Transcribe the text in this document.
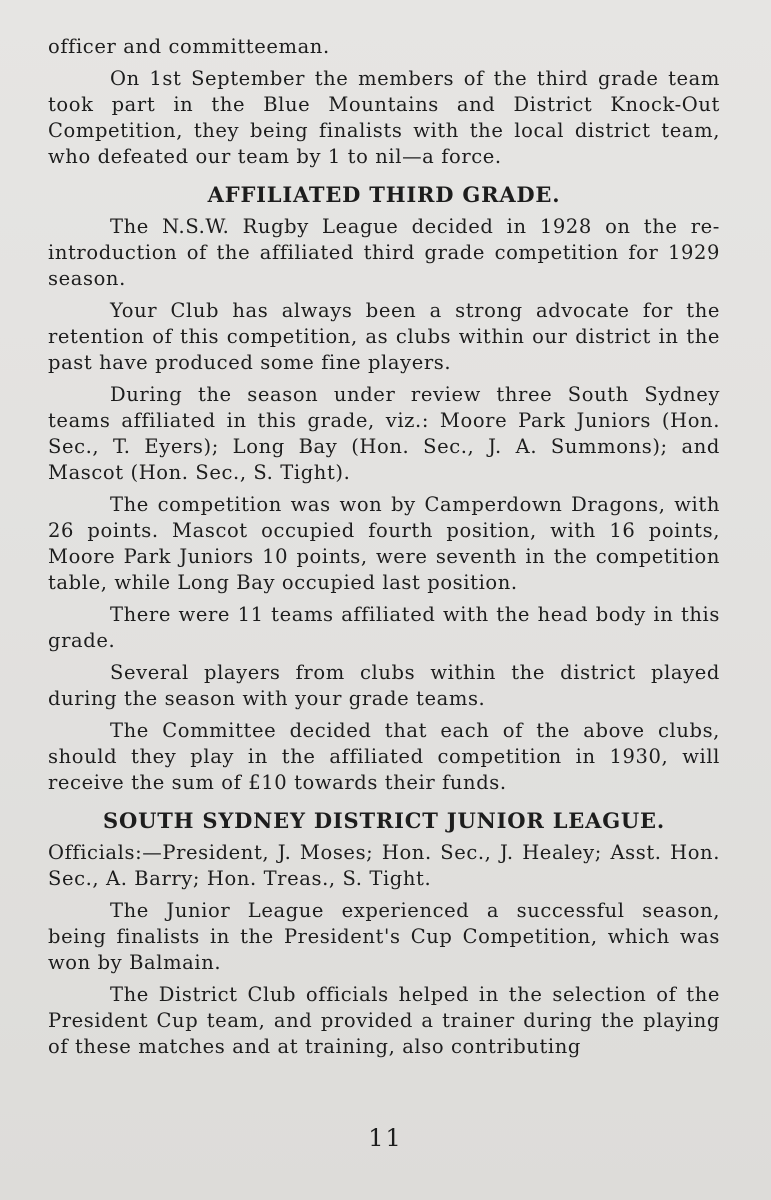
officer and committeeman.

On 1st September the members of the third grade team took part in the Blue Mountains and District Knock-Out Competition, they being finalists with the local district team, who defeated our team by 1 to nil—a force.

AFFILIATED THIRD GRADE.

The N.S.W. Rugby League decided in 1928 on the re-introduction of the affiliated third grade competition for 1929 season.

Your Club has always been a strong advocate for the retention of this competition, as clubs within our district in the past have produced some fine players.

During the season under review three South Sydney teams affiliated in this grade, viz.: Moore Park Juniors (Hon. Sec., T. Eyers); Long Bay (Hon. Sec., J. A. Summons); and Mascot (Hon. Sec., S. Tight).

The competition was won by Camperdown Dragons, with 26 points. Mascot occupied fourth position, with 16 points, Moore Park Juniors 10 points, were seventh in the competition table, while Long Bay occupied last position.

There were 11 teams affiliated with the head body in this grade.

Several players from clubs within the district played during the season with your grade teams.

The Committee decided that each of the above clubs, should they play in the affiliated competition in 1930, will receive the sum of £10 towards their funds.

SOUTH SYDNEY DISTRICT JUNIOR LEAGUE.

Officials:—President, J. Moses; Hon. Sec., J. Healey; Asst. Hon. Sec., A. Barry; Hon. Treas., S. Tight.

The Junior League experienced a successful season, being finalists in the President's Cup Competition, which was won by Balmain.

The District Club officials helped in the selection of the President Cup team, and provided a trainer during the playing of these matches and at training, also contributing

11
